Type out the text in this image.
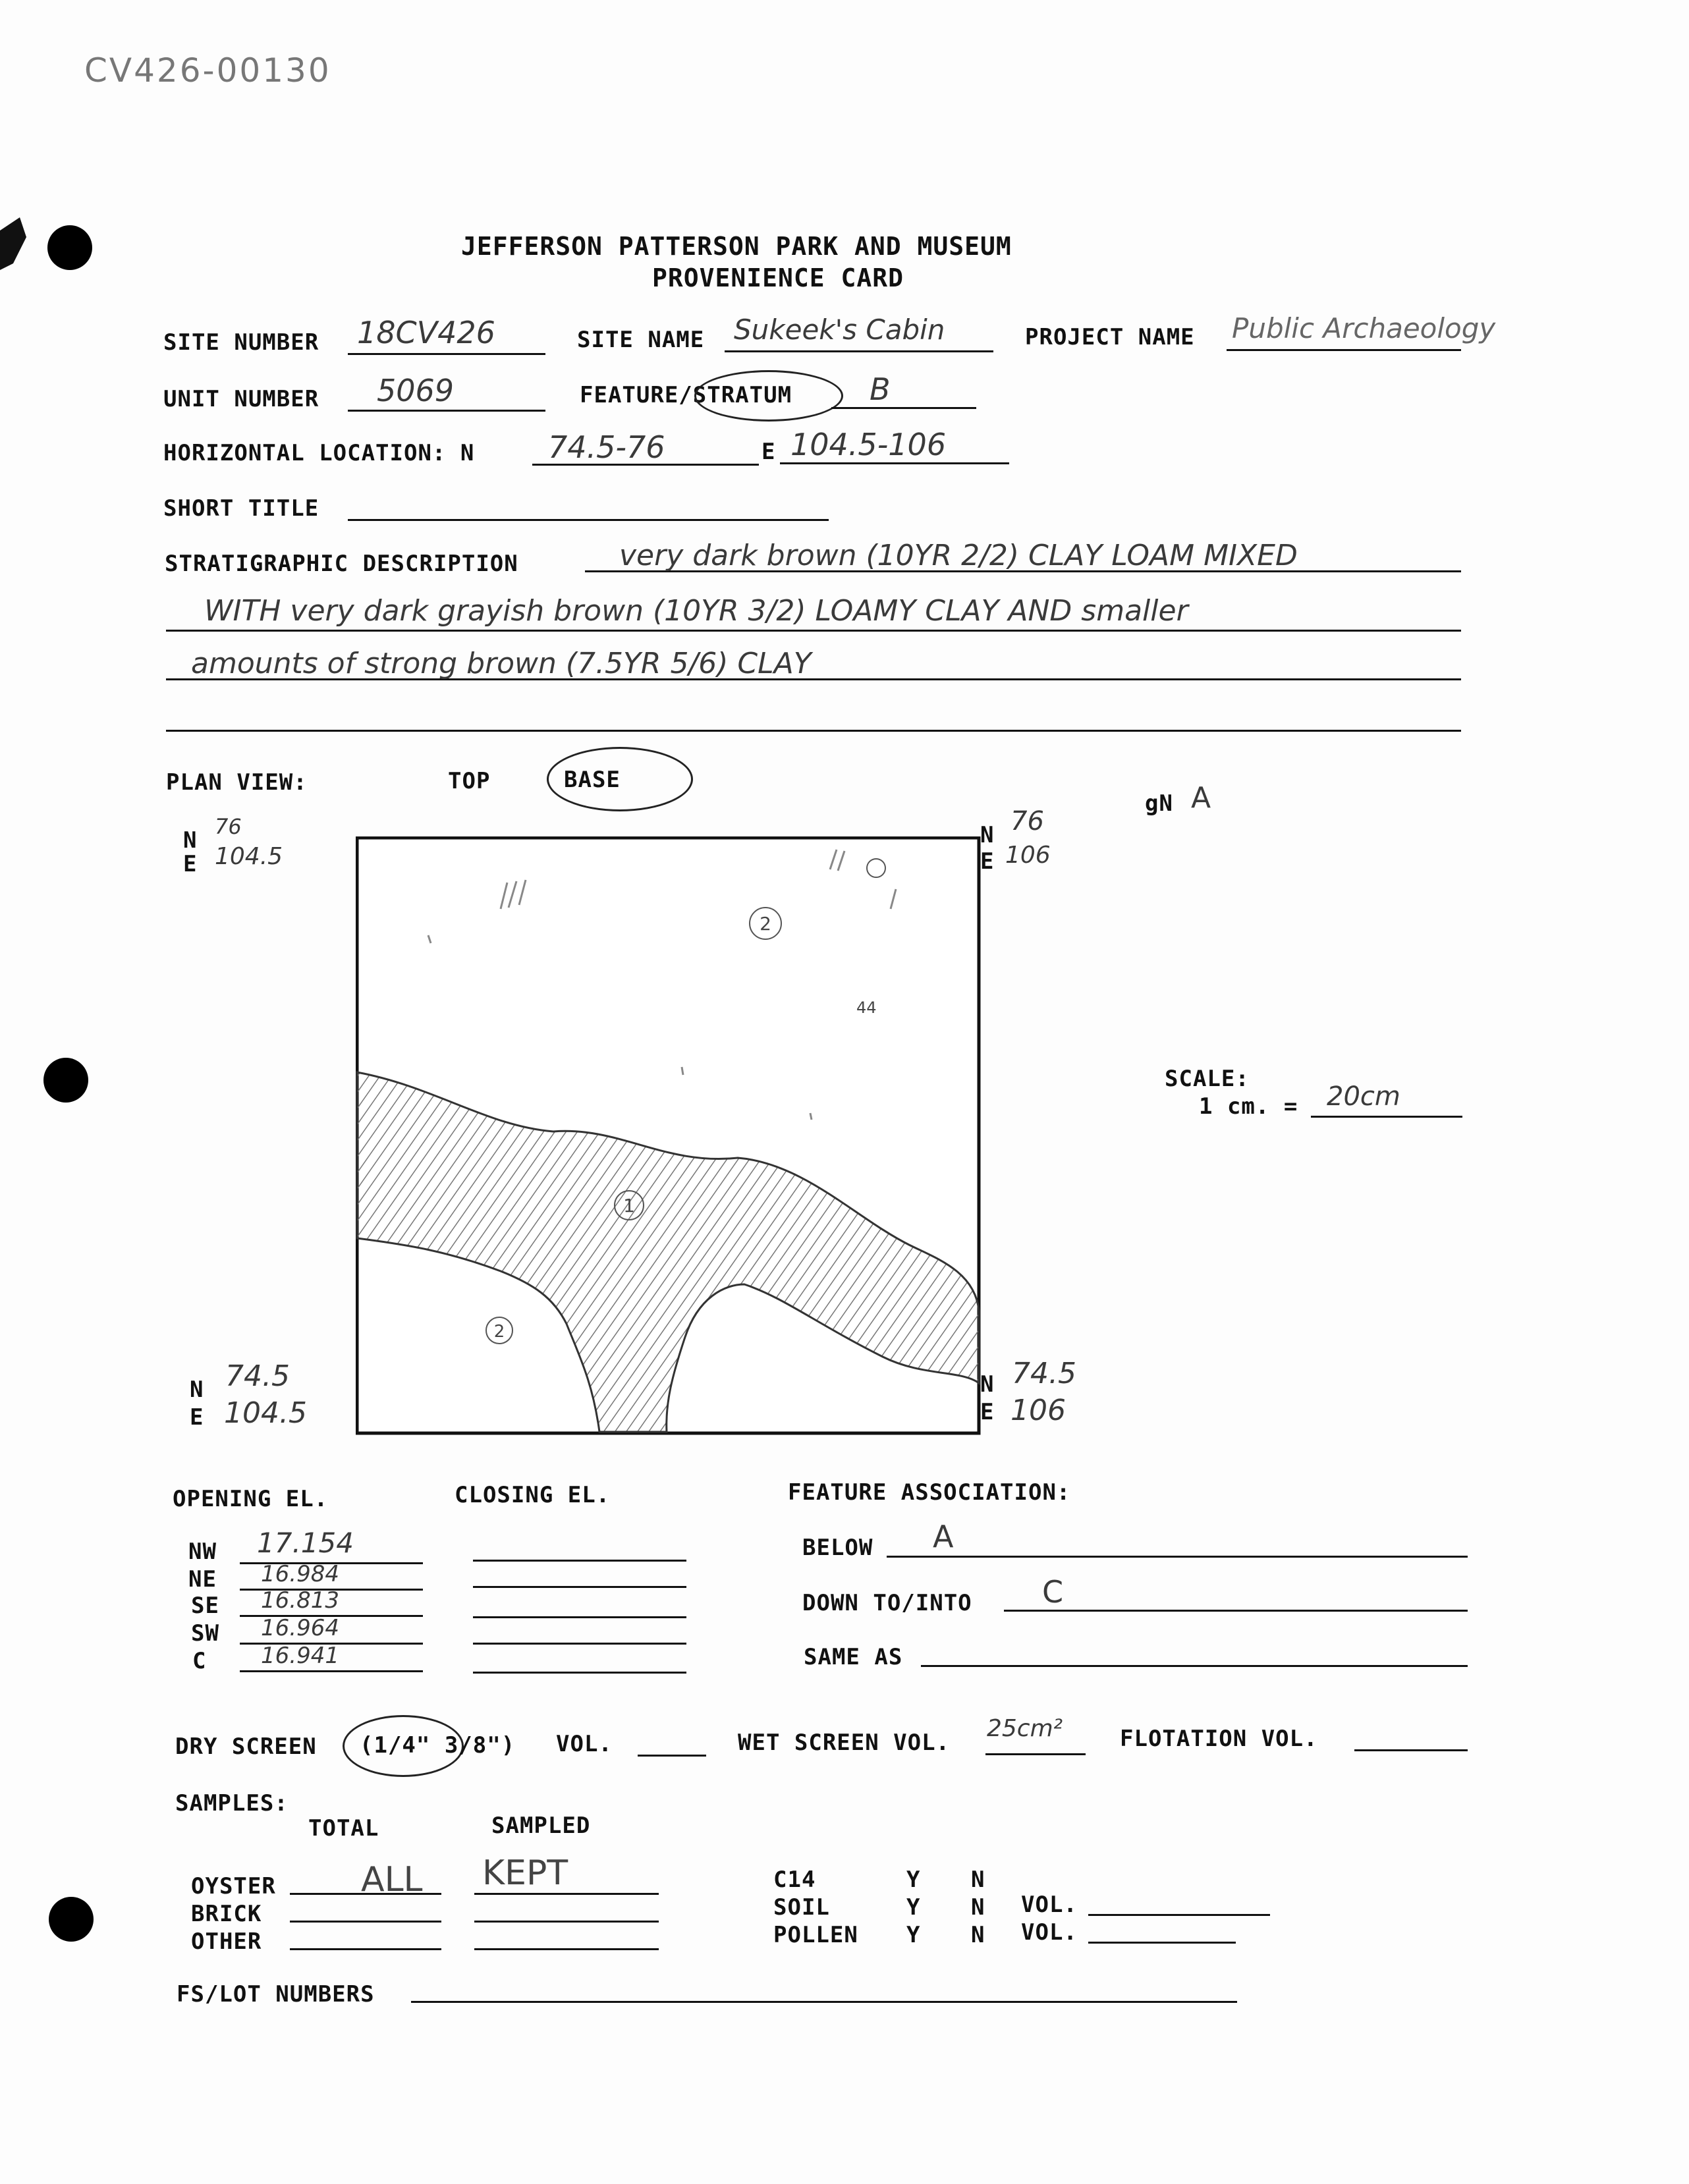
CV426-00130
JEFFERSON PATTERSON PARK AND MUSEUM
PROVENIENCE CARD
SITE NUMBER 18CV426	SITE NAME Sukeek's Cabin	PROJECT NAME Public Archaeology
UNIT NUMBER 5069	FEATURE/STRATUM	B
HORIZONTAL LOCATION: N 74.5-76	E 104.5-106
SHORT TITLE
STRATIGRAPHIC DESCRIPTION	very dark brown (10YR 2/2) CLAY LOAM MIXED
WITH very dark grayish brown (10YR 3/2) LOAMY CLAY AND smaller
amounts of strong brown (7.5YR 5/6) CLAY
PLAN VIEW:	TOP	BASE
gN A
N
76
E 104.5
N 76
E 106
N 74.5
E 104.5
N 74.5
E 106
2
1
2
44
SCALE:
1 cm. = 20cm
OPENING EL.	CLOSING EL.
NW 17.154
NE 16.984
SE 16.813
SW 16.964
C 16.941
FEATURE ASSOCIATION:
BELOW A
DOWN TO/INTO C
SAME AS
DRY SCREEN (1/4" 3/8") VOL.	WET SCREEN VOL.
25cm²	FLOTATION VOL.
SAMPLES:
TOTAL	SAMPLED
OYSTER ALL KEPT
BRICK
OTHER
C14	Y N
SOIL	Y N VOL.
POLLEN Y N VOL.
FS/LOT NUMBERS
